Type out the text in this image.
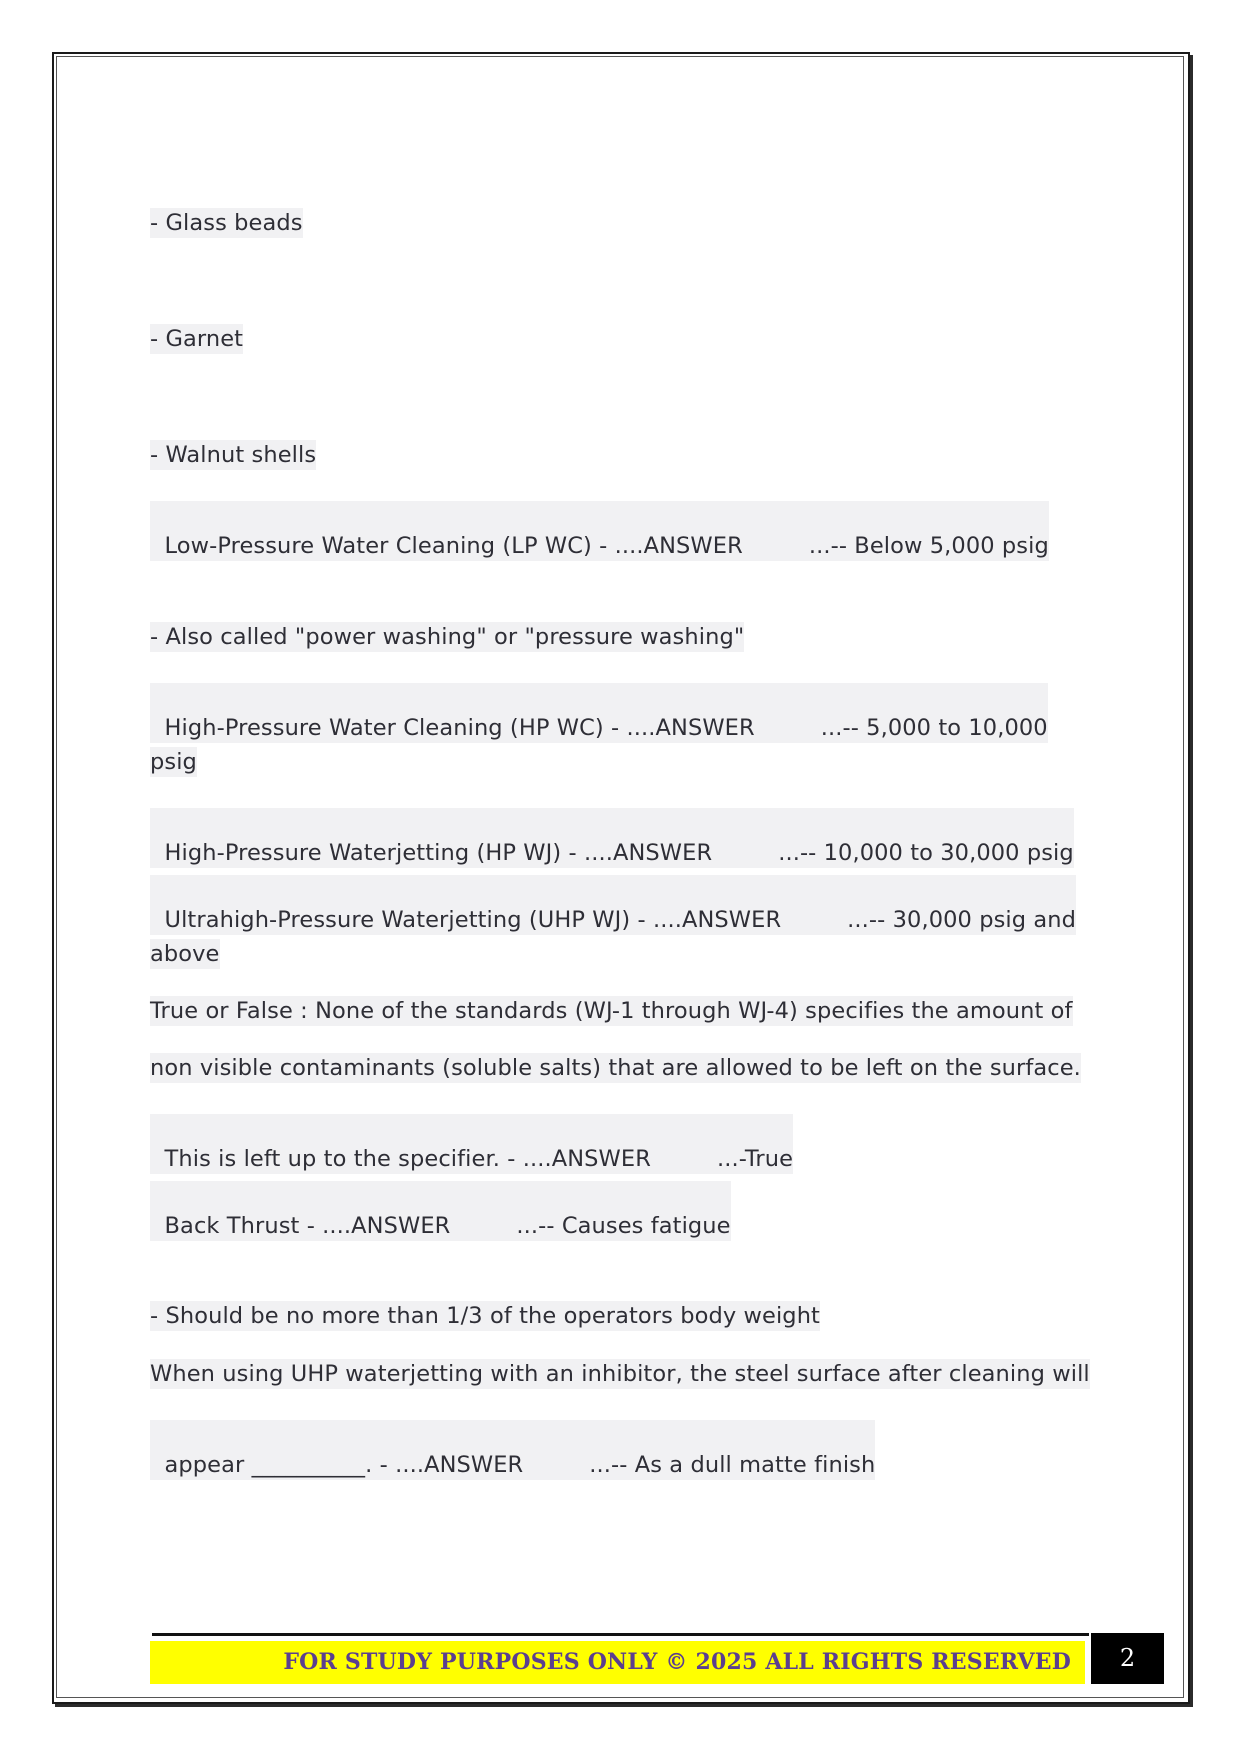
- Glass beads
- Garnet
- Walnut shells

Low-Pressure Water Cleaning (LP WC) - ....ANSWER	...-- Below 5,000 psig

- Also called "power washing" or "pressure washing"

High-Pressure Water Cleaning (HP WC) - ....ANSWER	...-- 5,000 to 10,000

psig

High-Pressure Waterjetting (HP WJ) - ....ANSWER	...-- 10,000 to 30,000 psig

Ultrahigh-Pressure Waterjetting (UHP WJ) - ....ANSWER	...-- 30,000 psig and

above
True or False : None of the standards (WJ-1 through WJ-4) specifies the amount of
non visible contaminants (soluble salts) that are allowed to be left on the surface.

This is left up to the specifier. - ....ANSWER	...-True

Back Thrust - ....ANSWER	...-- Causes fatigue

- Should be no more than 1/3 of the operators body weight
When using UHP waterjetting with an inhibitor, the steel surface after cleaning will

appear __________. - ....ANSWER	...-- As a dull matte finish

FOR STUDY PURPOSES ONLY © 2025 ALL RIGHTS RESERVED	2
